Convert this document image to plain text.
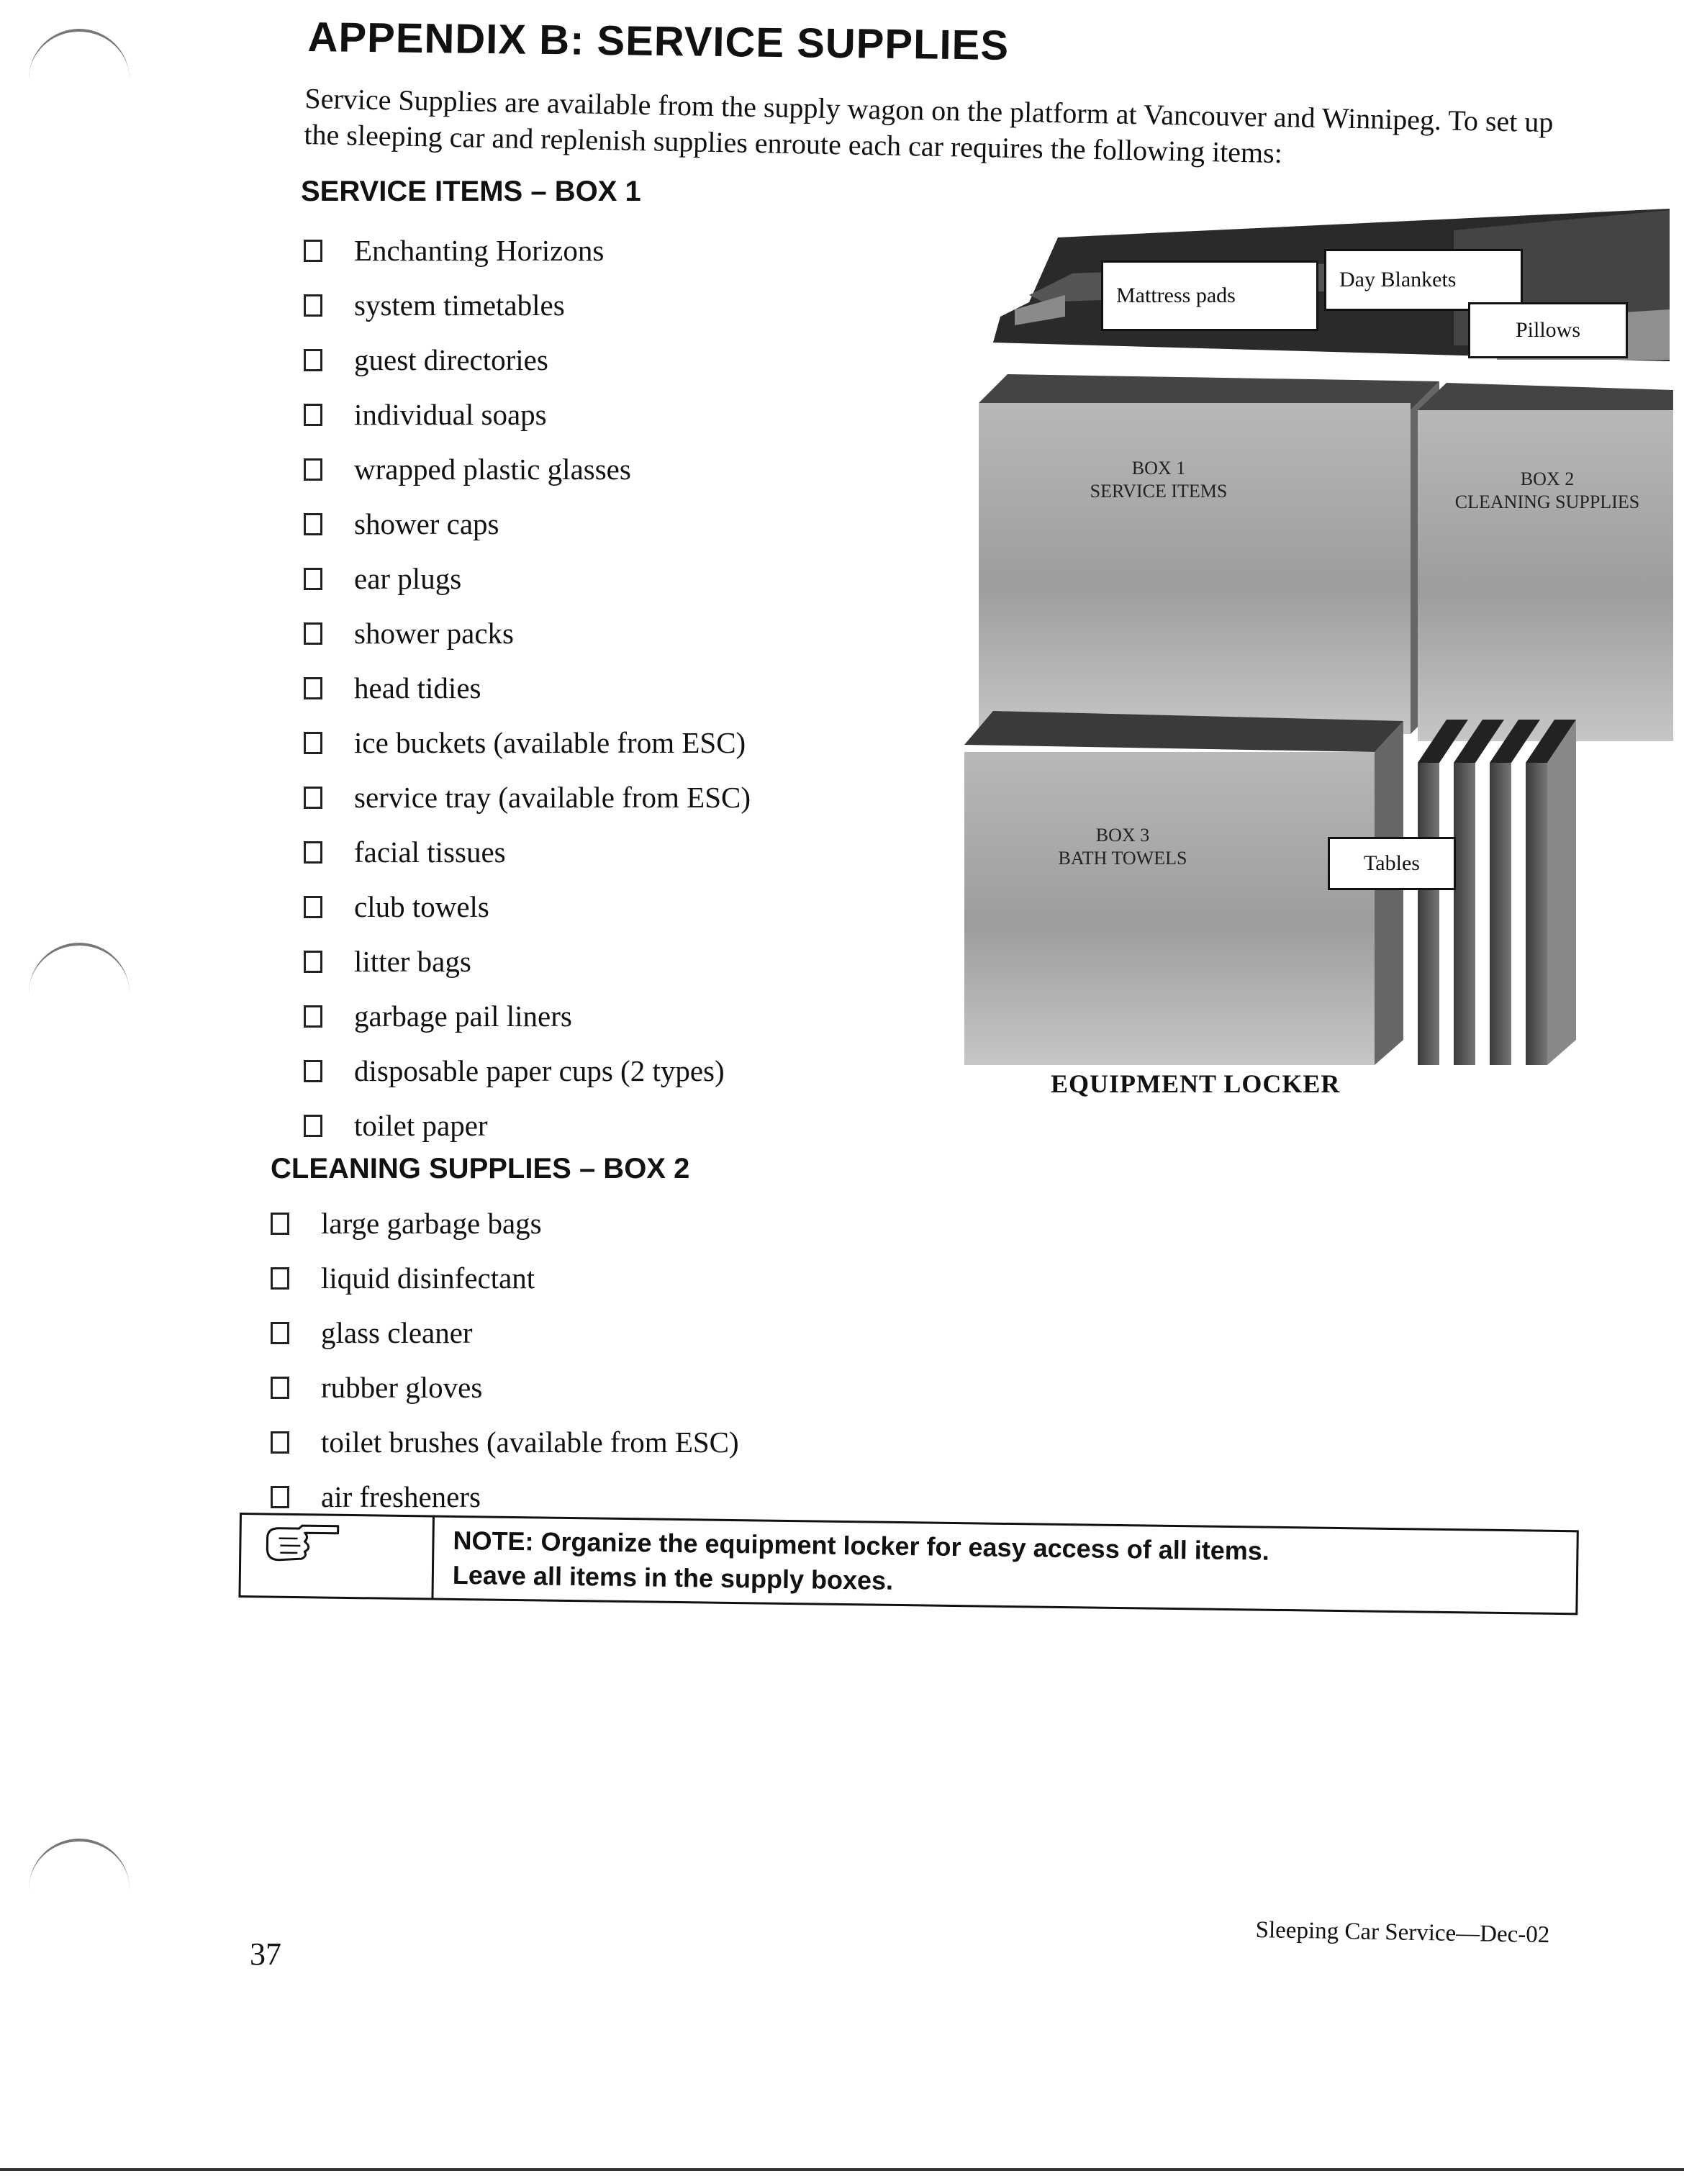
APPENDIX B: SERVICE SUPPLIES

Service Supplies are available from the supply wagon on the platform at Vancouver and Winnipeg. To set up the sleeping car and replenish supplies enroute each car requires the following items:

SERVICE ITEMS – BOX 1
Enchanting Horizons
system timetables
guest directories
individual soaps
wrapped plastic glasses
shower caps
ear plugs
shower packs
head tidies
ice buckets (available from ESC)
service tray (available from ESC)
facial tissues
club towels
litter bags
garbage pail liners
disposable paper cups (2 types)
toilet paper
CLEANING SUPPLIES – BOX 2
large garbage bags
liquid disinfectant
glass cleaner
rubber gloves
toilet brushes (available from ESC)
air fresheners
Mattress pads
Day Blankets
Pillows
BOX 1
SERVICE ITEMS
BOX 2
CLEANING SUPPLIES
BOX 3
BATH TOWELS	Tables
EQUIPMENT LOCKER
NOTE: Organize the equipment locker for easy access of all items.
Leave all items in the supply boxes.
37
Sleeping Car Service—Dec-02
